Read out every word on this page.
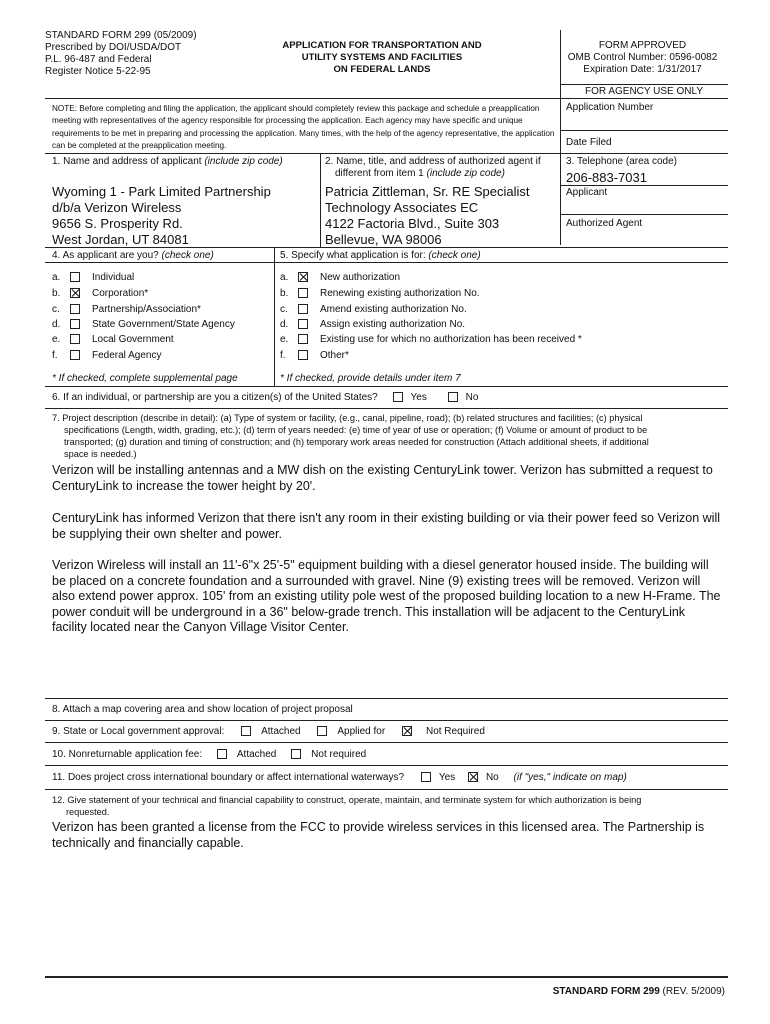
STANDARD FORM 299 (05/2009)
Prescribed by DOI/USDA/DOT
P.L. 96-487 and Federal
Register Notice 5-22-95
APPLICATION FOR TRANSPORTATION AND
UTILITY SYSTEMS AND FACILITIES
ON FEDERAL LANDS
FORM APPROVED
OMB Control Number: 0596-0082
Expiration Date: 1/31/2017
FOR AGENCY USE ONLY
NOTE: Before completing and filing the application, the applicant should completely review this package and schedule a preapplication meeting with representatives of the agency responsible for processing the application. Each agency may have specific and unique requirements to be met in preparing and processing the application. Many times, with the help of the agency representative, the application can be completed at the preapplication meeting.
Application Number
Date Filed
1. Name and address of applicant (include zip code)
Wyoming 1 - Park Limited Partnership
d/b/a Verizon Wireless
9656 S. Prosperity Rd.
West Jordan, UT 84081
2. Name, title, and address of authorized agent if
different from item 1 (include zip code)
Patricia Zittleman, Sr. RE Specialist
Technology Associates EC
4122 Factoria Blvd., Suite 303
Bellevue, WA 98006
3. Telephone (area code)
206-883-7031
Applicant
Authorized Agent
4. As applicant are you? (check one)
a.	Individual
b.	Corporation*
c.	Partnership/Association*
d.	State Government/State Agency
e.	Local Government
f.	Federal Agency
* If checked, complete supplemental page
5. Specify what application is for: (check one)
a.	New authorization
b.	Renewing existing authorization No.
c.	Amend existing authorization No.
d.	Assign existing authorization No.
e.	Existing use for which no authorization has been received *
f.	Other*
* If checked, provide details under item 7
6. If an individual, or partnership are you a citizen(s) of the United States?	Yes	No
7. Project description (describe in detail): (a) Type of system or facility, (e.g., canal, pipeline, road); (b) related structures and facilities; (c) physical
specifications (Length, width, grading, etc.); (d) term of years needed: (e) time of year of use or operation; (f) Volume or amount of product to be
transported; (g) duration and timing of construction; and (h) temporary work areas needed for construction (Attach additional sheets, if additional
space is needed.)
Verizon will be installing antennas and a MW dish on the existing CenturyLink tower. Verizon has submitted a request to CenturyLink to increase the tower height by 20'.
CenturyLink has informed Verizon that there isn't any room in their existing building or via their power feed so Verizon will be supplying their own shelter and power.
Verizon Wireless will install an 11'-6"x 25'-5" equipment building with a diesel generator housed inside. The building will be placed on a concrete foundation and a surrounded with gravel. Nine (9) existing trees will be removed. Verizon will also extend power approx. 105' from an existing utility pole west of the proposed building location to a new H-Frame. The power conduit will be underground in a 36" below-grade trench. This installation will be adjacent to the CenturyLink facility located near the Canyon Village Visitor Center.
8. Attach a map covering area and show location of project proposal
9. State or Local government approval:	Attached	Applied for	Not Required
10. Nonreturnable application fee:	Attached	Not required
11. Does project cross international boundary or affect international waterways?	Yes	No (if "yes," indicate on map)
12. Give statement of your technical and financial capability to construct, operate, maintain, and terminate system for which authorization is being
requested.
Verizon has been granted a license from the FCC to provide wireless services in this licensed area. The Partnership is technically and financially capable.
STANDARD FORM 299 (REV. 5/2009)
